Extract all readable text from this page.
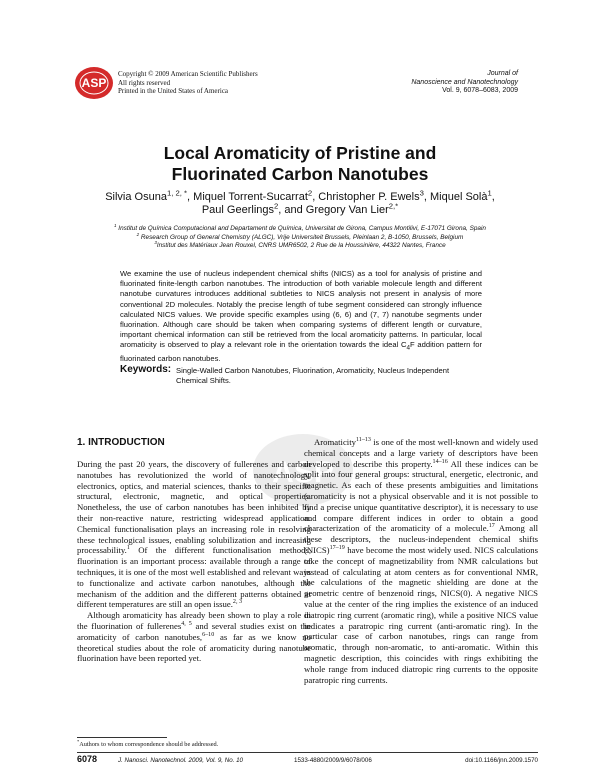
ASP
Copyright © 2009 American Scientific Publishers
All rights reserved
Printed in the United States of America
Journal of
Nanoscience and Nanotechnology
Vol. 9, 6078–6083, 2009
Local Aromaticity of Pristine and
Fluorinated Carbon Nanotubes
Silvia Osuna$^{1, 2, *}$, Miquel Torrent-Sucarrat$^2$, Christopher P. Ewels$^3$, Miquel Solà$^1$,
Paul Geerlings$^2$, and Gregory Van Lier$^{2,*}$
$^1$ Institut de Química Computacional and Departament de Química, Universitat de Girona, Campus Montilivi, E-17071 Girona, Spain
$^2$ Research Group of General Chemistry (ALGC), Vrije Universiteit Brussels, Pleinlaan 2, B-1050, Brussels, Belgium
$^3$Institut des Matériaux Jean Rouxel, CNRS UMR6502, 2 Rue de la Houssinière, 44322 Nantes, France
We examine the use of nucleus independent chemical shifts (NICS) as a tool for analysis of pristine and fluorinated finite-length carbon nanotubes. The introduction of both variable molecule length and different nanotube curvatures introduces additional subtleties to NICS analysis not present in analysis of more conventional 2D molecules. Notably the precise length of tube segment considered can strongly influence calculated NICS values. We provide specific examples using (6, 6) and (7, 7) nanotube segments under fluorination. Although care should be taken when comparing systems of different length or curvature, important chemical information can still be retrieved from the local aromaticity patterns. In particular, local aromaticity is observed to play a relevant role in the orientation towards the ideal $C_4F$ addition pattern for fluorinated carbon nanotubes.
Keywords: Single-Walled Carbon Nanotubes, Fluorination, Aromaticity, Nucleus Independent Chemical Shifts.
ASP
1. INTRODUCTION

During the past 20 years, the discovery of fullerenes and carbon nanotubes has revolutionized the world of nanotechnology, electronics, optics, and material sciences, thanks to their specific structural, electronic, magnetic, and optical properties. Nonetheless, the use of carbon nanotubes has been inhibited by their non-reactive nature, restricting widespread application. Chemical functionalisation plays an increasing role in resolving these technological issues, enabling solubilization and increasing processability.$^1$ Of the different functionalisation methods, fluorination is an important process: available through a range of techniques, it is one of the most well established and relevant ways to functionalize and activate carbon nanotubes, although the mechanism of the addition and the different patterns obtained at different temperatures are still an open issue.$^{2, 3}$

Although aromaticity has already been shown to play a role in the fluorination of fullerenes$^{4, 5}$ and several studies exist on the aromaticity of carbon nanotubes,$^{6-10}$ as far as we know no theoretical studies about the role of aromaticity during nanotube fluorination have been reported yet.

Aromaticity$^{11-13}$ is one of the most well-known and widely used chemical concepts and a large variety of descriptors have been developed to describe this property.$^{14-16}$ All these indices can be split into four general groups: structural, energetic, electronic, and magnetic. As each of these presents ambiguities and limitations (aromaticity is not a physical observable and it is not possible to find a precise unique quantitative descriptor), it is necessary to use and compare different indices in order to obtain a good characterization of the aromaticity of a molecule.$^{17}$ Among all these descriptors, the nucleus-independent chemical shifts (NICS)$^{17-19}$ have become the most widely used. NICS calculations take the concept of magnetizability from NMR calculations but instead of calculating at atom centers as for conventional NMR, the calculations of the magnetic shielding are done at the geometric centre of benzenoid rings, NICS(0). A negative NICS value at the center of the ring implies the existence of an induced diatropic ring current (aromatic ring), while a positive NICS value indicates a paratropic ring current (anti-aromatic ring). In the particular case of carbon nanotubes, rings can range from aromatic, through non-aromatic, to anti-aromatic. Within this magnetic description, this coincides with rings exhibiting the whole range from induced diatropic ring currents to the opposite paratropic ring currents.

*Authors to whom correspondence should be addressed.
6078	J. Nanosci. Nanotechnol. 2009, Vol. 9, No. 10	1533-4880/2009/9/6078/006	doi:10.1166/jnn.2009.1570
